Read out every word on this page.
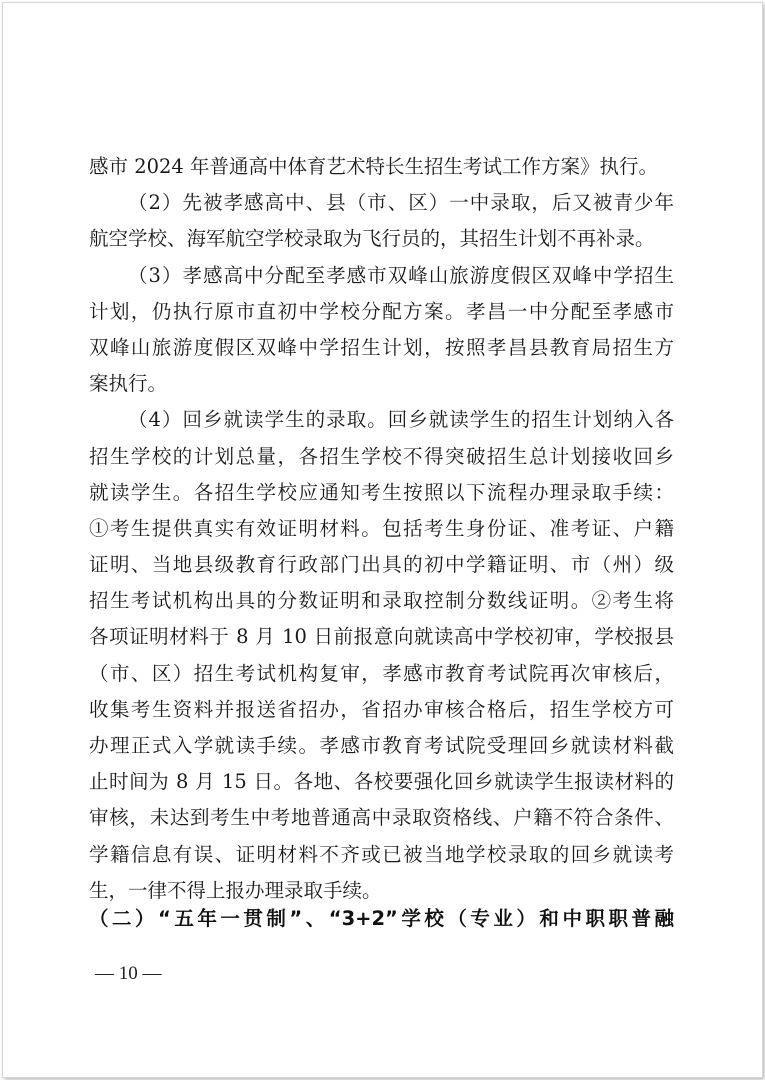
感市 2024 年普通高中体育艺术特长生招生考试工作方案》执行。
（2）先被孝感高中、县（市、区）一中录取，后又被青少年
航空学校、海军航空学校录取为飞行员的，其招生计划不再补录。
（3）孝感高中分配至孝感市双峰山旅游度假区双峰中学招生
计划，仍执行原市直初中学校分配方案。孝昌一中分配至孝感市
双峰山旅游度假区双峰中学招生计划，按照孝昌县教育局招生方
案执行。
（4）回乡就读学生的录取。回乡就读学生的招生计划纳入各
招生学校的计划总量，各招生学校不得突破招生总计划接收回乡
就读学生。各招生学校应通知考生按照以下流程办理录取手续：
①考生提供真实有效证明材料。包括考生身份证、准考证、户籍
证明、当地县级教育行政部门出具的初中学籍证明、市（州）级
招生考试机构出具的分数证明和录取控制分数线证明。②考生将
各项证明材料于 8 月 10 日前报意向就读高中学校初审，学校报县
（市、区）招生考试机构复审，孝感市教育考试院再次审核后，
收集考生资料并报送省招办，省招办审核合格后，招生学校方可
办理正式入学就读手续。孝感市教育考试院受理回乡就读材料截
止时间为 8 月 15 日。各地、各校要强化回乡就读学生报读材料的
审核，未达到考生中考地普通高中录取资格线、户籍不符合条件、
学籍信息有误、证明材料不齐或已被当地学校录取的回乡就读考
生，一律不得上报办理录取手续。
（二）“五年一贯制”、“3+2”学校（专业）和中职职普融
— 10 —
